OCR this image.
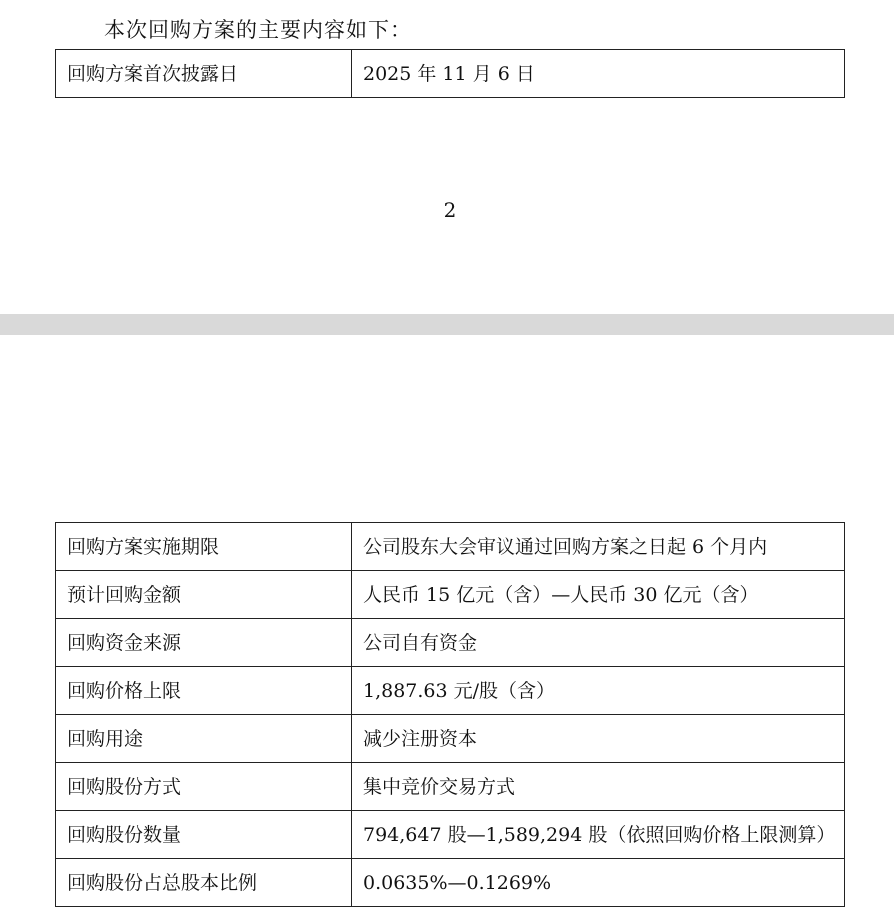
本次回购方案的主要内容如下：
回购方案首次披露日	2025 年 11 月 6 日
2
回购方案实施期限	公司股东大会审议通过回购方案之日起 6 个月内
预计回购金额	人民币 15 亿元（含）—人民币 30 亿元（含）
回购资金来源	公司自有资金
回购价格上限	1,887.63 元/股（含）
回购用途	减少注册资本
回购股份方式	集中竞价交易方式
回购股份数量	794,647 股—1,589,294 股（依照回购价格上限测算）
回购股份占总股本比例	0.0635%—0.1269%
